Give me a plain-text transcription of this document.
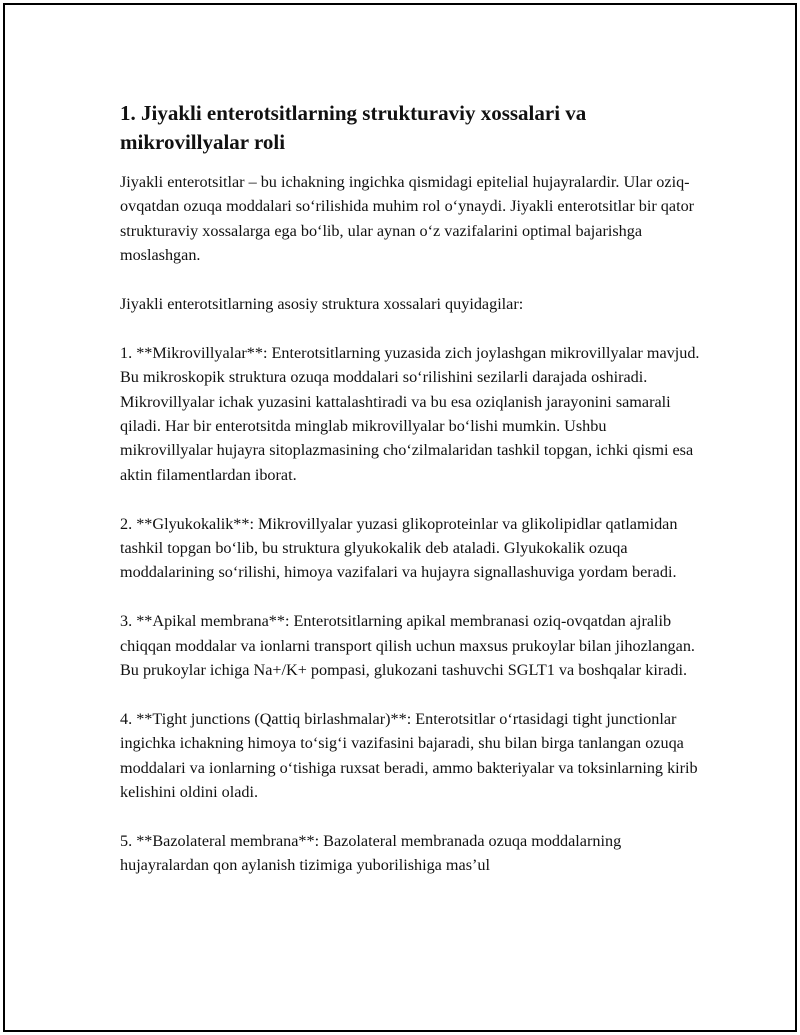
1. Jiyakli enterotsitlarning strukturaviy xossalari va mikrovillyalar roli

Jiyakli enterotsitlar – bu ichakning ingichka qismidagi epitelial hujayralardir. Ular oziq-ovqatdan ozuqa moddalari so‘rilishida muhim rol o‘ynaydi. Jiyakli enterotsitlar bir qator strukturaviy xossalarga ega bo‘lib, ular aynan o‘z vazifalarini optimal bajarishga moslashgan.

Jiyakli enterotsitlarning asosiy struktura xossalari quyidagilar:

1. **Mikrovillyalar**: Enterotsitlarning yuzasida zich joylashgan mikrovillyalar mavjud. Bu mikroskopik struktura ozuqa moddalari so‘rilishini sezilarli darajada oshiradi. Mikrovillyalar ichak yuzasini kattalashtiradi va bu esa oziqlanish jarayonini samarali qiladi. Har bir enterotsitda minglab mikrovillyalar bo‘lishi mumkin. Ushbu mikrovillyalar hujayra sitoplazmasining cho‘zilmalaridan tashkil topgan, ichki qismi esa aktin filamentlardan iborat.

2. **Glyukokalik**: Mikrovillyalar yuzasi glikoproteinlar va glikolipidlar qatlamidan tashkil topgan bo‘lib, bu struktura glyukokalik deb ataladi. Glyukokalik ozuqa moddalarining so‘rilishi, himoya vazifalari va hujayra signallashuviga yordam beradi.

3. **Apikal membrana**: Enterotsitlarning apikal membranasi oziq-ovqatdan ajralib chiqqan moddalar va ionlarni transport qilish uchun maxsus prukoylar bilan jihozlangan. Bu prukoylar ichiga Na+/K+ pompasi, glukozani tashuvchi SGLT1 va boshqalar kiradi.

4. **Tight junctions (Qattiq birlashmalar)**: Enterotsitlar o‘rtasidagi tight junctionlar ingichka ichakning himoya to‘sig‘i vazifasini bajaradi, shu bilan birga tanlangan ozuqa moddalari va ionlarning o‘tishiga ruxsat beradi, ammo bakteriyalar va toksinlarning kirib kelishini oldini oladi.

5. **Bazolateral membrana**: Bazolateral membranada ozuqa moddalarning hujayralardan qon aylanish tizimiga yuborilishiga mas’ul
